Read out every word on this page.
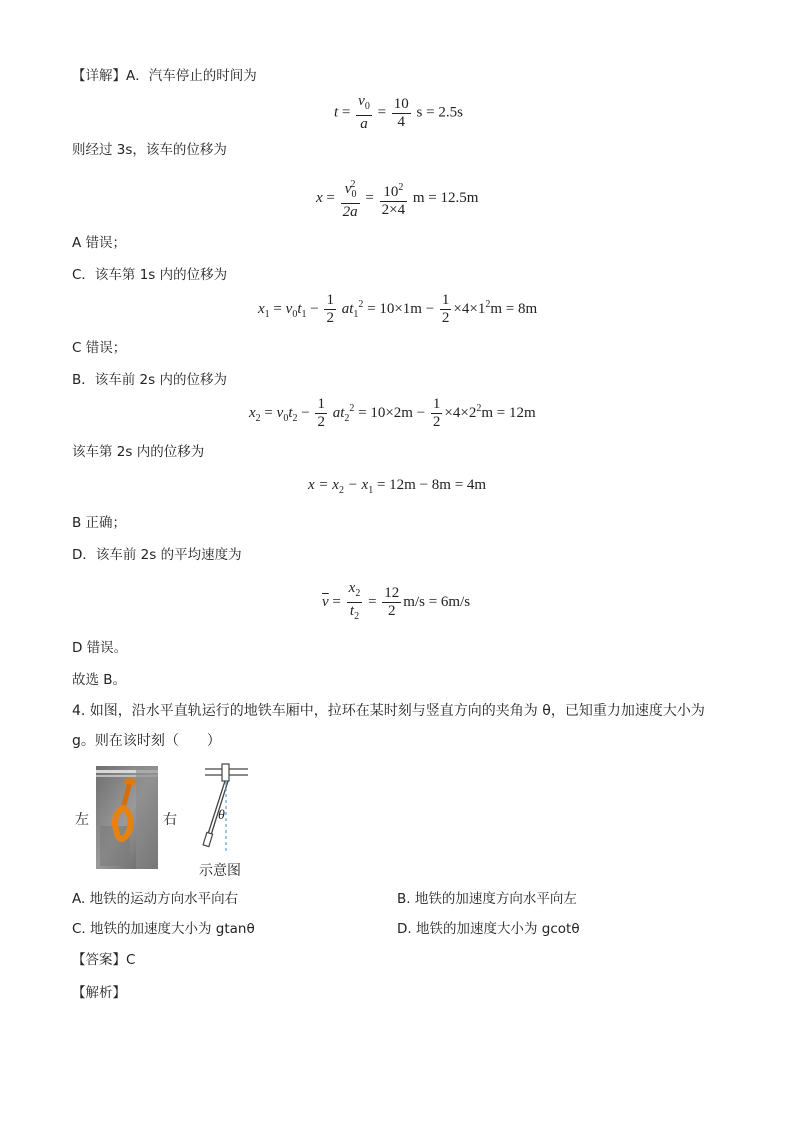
【详解】A．汽车停止的时间为
$t = \frac{v_0}{a} = \frac{10}{4}$ s = 2.5s
则经过 3s，该车的位移为
$x = \frac{v_0^2}{2a} = \frac{10^2}{2\times 4}$ m = 12.5m
A 错误；
C．该车第 1s 内的位移为
$x_1 = v_0t_1 - \frac{1}{2} at_1^2 = 10\times 1m - \frac{1}{2} \times 4\times 1^2m = 8m$
C 错误；
B．该车前 2s 内的位移为
$x_2 = v_0t_2 - \frac{1}{2} at_2^2 = 10\times 2m - \frac{1}{2} \times 4\times 2^2m = 12m$
该车第 2s 内的位移为
$x = x_2 - x_1 = 12m - 8m = 4m$
B 正确；
D．该车前 2s 的平均速度为
$\overline{v} = \frac{x_2}{t_2} = \frac{12}{2} m/s = 6m/s$
D 错误。
故选 B。
4. 如图，沿水平直轨运行的地铁车厢中，拉环在某时刻与竖直方向的夹角为 θ，已知重力加速度大小为
g。则在该时刻（　　）
左	右	θ
示意图
A. 地铁的运动方向水平向右	B. 地铁的加速度方向水平向左
C. 地铁的加速度大小为 gtanθ	D. 地铁的加速度大小为 gcotθ
【答案】C
【解析】
